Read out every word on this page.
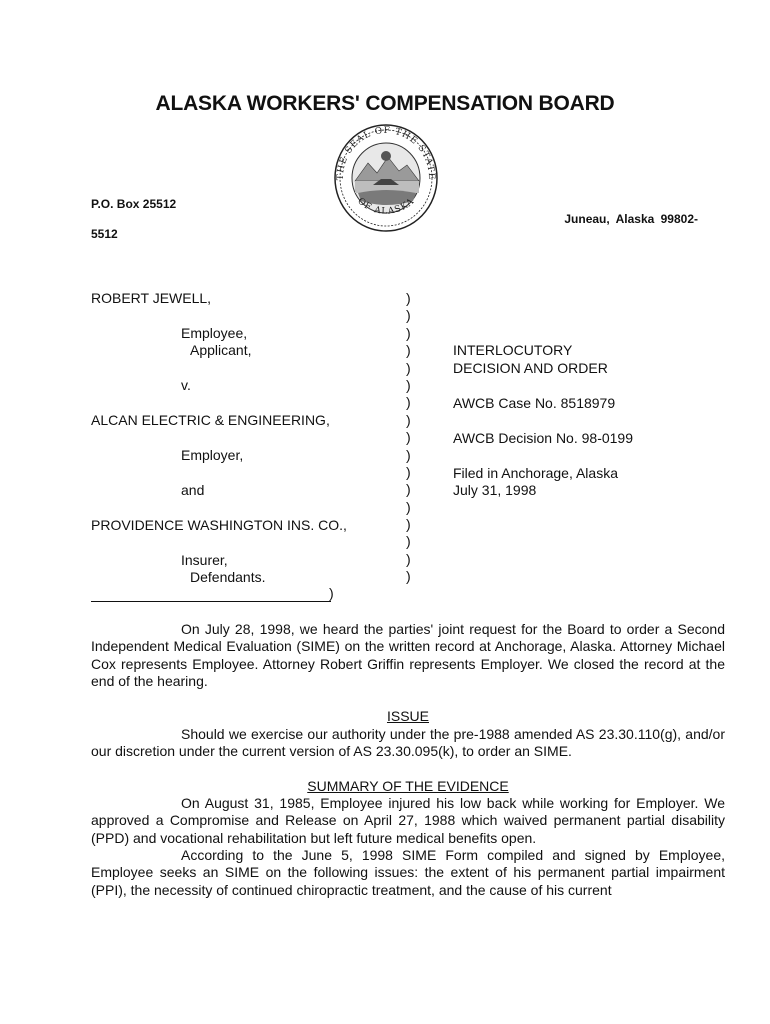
ALASKA WORKERS' COMPENSATION BOARD
THE SEAL OF THE STATE
OF ALASKA
P.O. Box 25512
5512
Juneau, Alaska 99802-
ROBERT JEWELL,
Employee,
Applicant,
v.
ALCAN ELECTRIC & ENGINEERING,
Employer,
and
PROVIDENCE WASHINGTON INS. CO.,
Insurer,
Defendants.
)
)
)
)
)
)
)
)
)
)
)
)
)
)
)
)
)
)
INTERLOCUTORY
DECISION AND ORDER
AWCB Case No. 8518979
AWCB Decision No. 98-0199
Filed in Anchorage, Alaska
July 31, 1998
On July 28, 1998, we heard the parties' joint request for the Board to order a Second Independent Medical Evaluation (SIME) on the written record at Anchorage, Alaska. Attorney Michael Cox represents Employee. Attorney Robert Griffin represents Employer. We closed the record at the end of the hearing.
ISSUE
Should we exercise our authority under the pre-1988 amended AS 23.30.110(g), and/or our discretion under the current version of AS 23.30.095(k), to order an SIME.
SUMMARY OF THE EVIDENCE
On August 31, 1985, Employee injured his low back while working for Employer. We approved a Compromise and Release on April 27, 1988 which waived permanent partial disability (PPD) and vocational rehabilitation but left future medical benefits open.
According to the June 5, 1998 SIME Form compiled and signed by Employee, Employee seeks an SIME on the following issues: the extent of his permanent partial impairment (PPI), the necessity of continued chiropractic treatment, and the cause of his current
